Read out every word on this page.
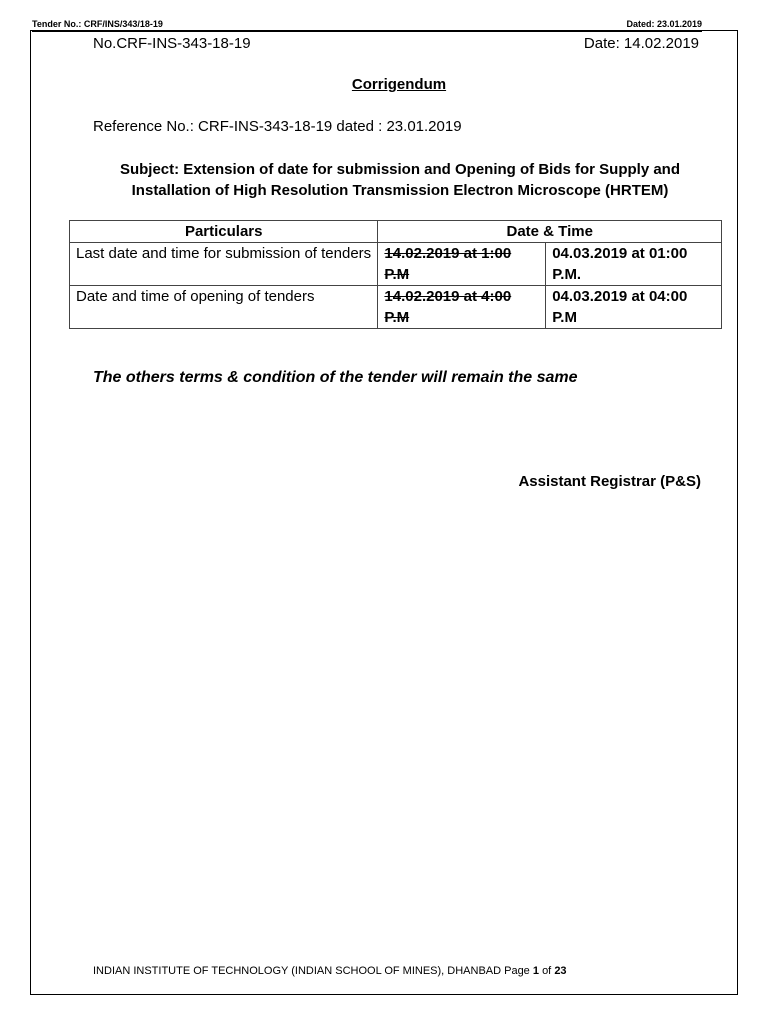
Tender No.: CRF/INS/343/18-19	Dated: 23.01.2019
No.CRF-INS-343-18-19	Date: 14.02.2019
Corrigendum
Reference No.: CRF-INS-343-18-19 dated : 23.01.2019
Subject: Extension of date for submission and Opening of Bids for Supply and Installation of High Resolution Transmission Electron Microscope (HRTEM)
Particulars	Date & Time	
Last date and time for submission of tenders	14.02.2019 at 1:00 P.M	04.03.2019 at 01:00 P.M.
Date and time of opening of tenders	14.02.2019 at 4:00 P.M	04.03.2019 at 04:00 P.M
The others terms & condition of the tender will remain the same
Assistant Registrar (P&S)
INDIAN INSTITUTE OF TECHNOLOGY (INDIAN SCHOOL OF MINES), DHANBAD Page 1 of 23
